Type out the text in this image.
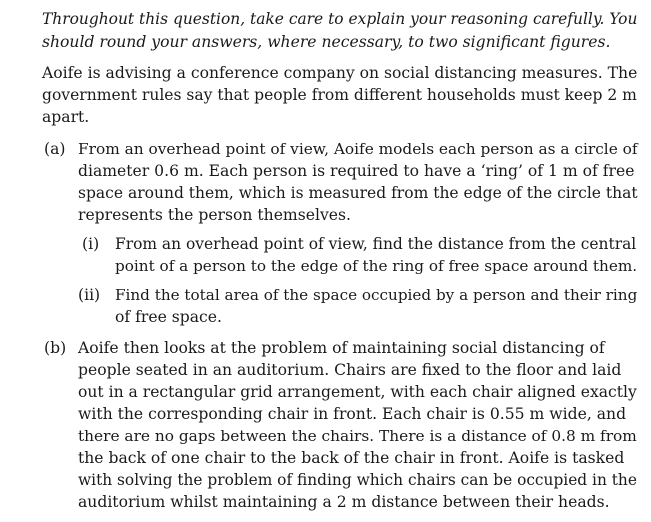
Throughout this question, take care to explain your reasoning carefully. You
should round your answers, where necessary, to two significant figures.
Aoife is advising a conference company on social distancing measures. The
government rules say that people from different households must keep 2 m
apart.
(a) From an overhead point of view, Aoife models each person as a circle of
diameter 0.6 m. Each person is required to have a ‘ring’ of 1 m of free
space around them, which is measured from the edge of the circle that
represents the person themselves.
(i) From an overhead point of view, find the distance from the central
point of a person to the edge of the ring of free space around them.
(ii) Find the total area of the space occupied by a person and their ring
of free space.
(b) Aoife then looks at the problem of maintaining social distancing of
people seated in an auditorium. Chairs are fixed to the floor and laid
out in a rectangular grid arrangement, with each chair aligned exactly
with the corresponding chair in front. Each chair is 0.55 m wide, and
there are no gaps between the chairs. There is a distance of 0.8 m from
the back of one chair to the back of the chair in front. Aoife is tasked
with solving the problem of finding which chairs can be occupied in the
auditorium whilst maintaining a 2 m distance between their heads.
